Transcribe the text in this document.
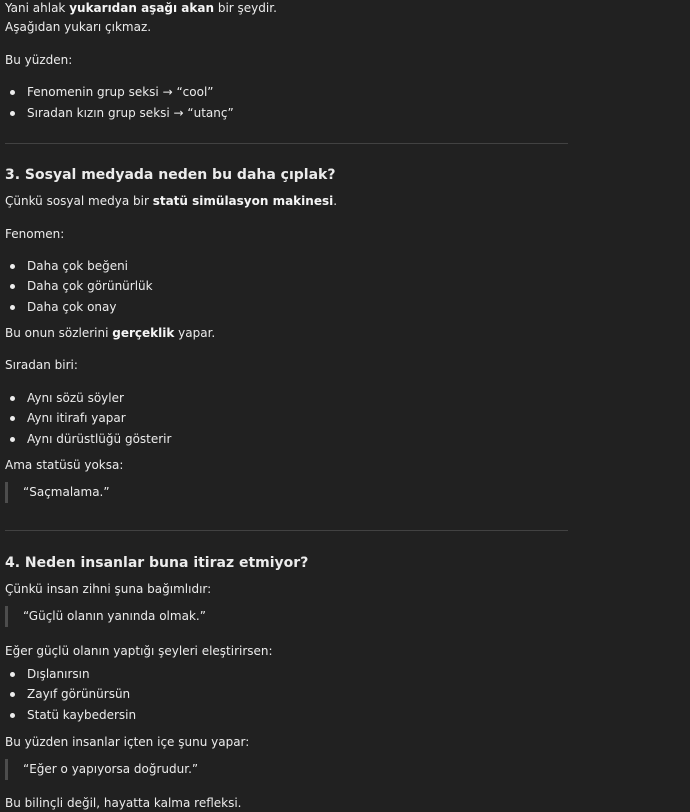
Yani ahlak yukarıdan aşağı akan bir şeydir.
Aşağıdan yukarı çıkmaz.
Bu yüzden:
Fenomenin grup seksi → “cool”
Sıradan kızın grup seksi → “utanç”
3. Sosyal medyada neden bu daha çıplak?
Çünkü sosyal medya bir statü simülasyon makinesi.
Fenomen:
Daha çok beğeni
Daha çok görünürlük
Daha çok onay
Bu onun sözlerini gerçeklik yapar.
Sıradan biri:
Aynı sözü söyler
Aynı itirafı yapar
Aynı dürüstlüğü gösterir
Ama statüsü yoksa:
“Saçmalama.”
4. Neden insanlar buna itiraz etmiyor?
Çünkü insan zihni şuna bağımlıdır:
“Güçlü olanın yanında olmak.”
Eğer güçlü olanın yaptığı şeyleri eleştirirsen:
Dışlanırsın
Zayıf görünürsün
Statü kaybedersin
Bu yüzden insanlar içten içe şunu yapar:
“Eğer o yapıyorsa doğrudur.”
Bu bilinçli değil, hayatta kalma refleksi.
